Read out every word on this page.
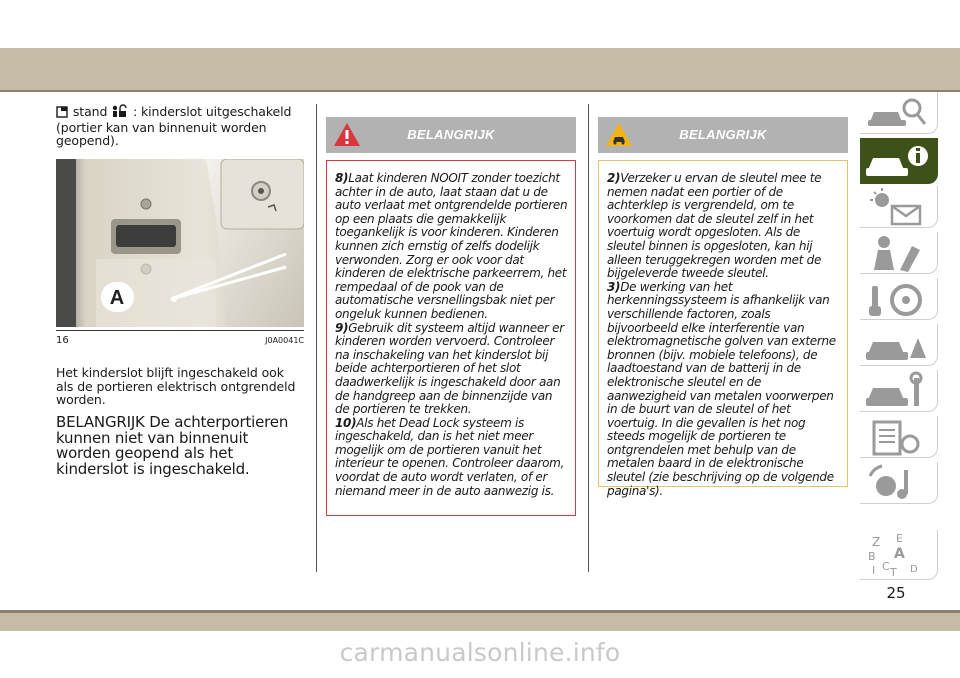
stand : kinderslot uitgeschakeld (portier kan van binnenuit worden geopend).

A
16	J0A0041C

Het kinderslot blijft ingeschakeld ook als de portieren elektrisch ontgrendeld worden.

BELANGRIJK De achterportieren kunnen niet van binnenuit worden geopend als het kinderslot is ingeschakeld.

BELANGRIJK
8)Laat kinderen NOOIT zonder toezicht achter in de auto, laat staan dat u de auto verlaat met ontgrendelde portieren op een plaats die gemakkelijk toegankelijk is voor kinderen. Kinderen kunnen zich ernstig of zelfs dodelijk verwonden. Zorg er ook voor dat kinderen de elektrische parkeerrem, het rempedaal of de pook van de automatische versnellingsbak niet per ongeluk kunnen bedienen.
9)Gebruik dit systeem altijd wanneer er kinderen worden vervoerd. Controleer na inschakeling van het kinderslot bij beide achterportieren of het slot daadwerkelijk is ingeschakeld door aan de handgreep aan de binnenzijde van de portieren te trekken.
10)Als het Dead Lock systeem is ingeschakeld, dan is het niet meer mogelijk om de portieren vanuit het interieur te openen. Controleer daarom, voordat de auto wordt verlaten, of er niemand meer in de auto aanwezig is.
BELANGRIJK
2)Verzeker u ervan de sleutel mee te nemen nadat een portier of de achterklep is vergrendeld, om te voorkomen dat de sleutel zelf in het voertuig wordt opgesloten. Als de sleutel binnen is opgesloten, kan hij alleen teruggekregen worden met de bijgeleverde tweede sleutel.
3)De werking van het herkenningssysteem is afhankelijk van verschillende factoren, zoals bijvoorbeeld elke interferentie van elektromagnetische golven van externe bronnen (bijv. mobiele telefoons), de laadtoestand van de batterij in de elektronische sleutel en de aanwezigheid van metalen voorwerpen in de buurt van de sleutel of het voertuig. In die gevallen is het nog steeds mogelijk de portieren te ontgrendelen met behulp van de metalen baard in de elektronische sleutel (zie beschrijving op de volgende pagina's).
Z E
B A
I C T D
25
carmanualsonline.info
